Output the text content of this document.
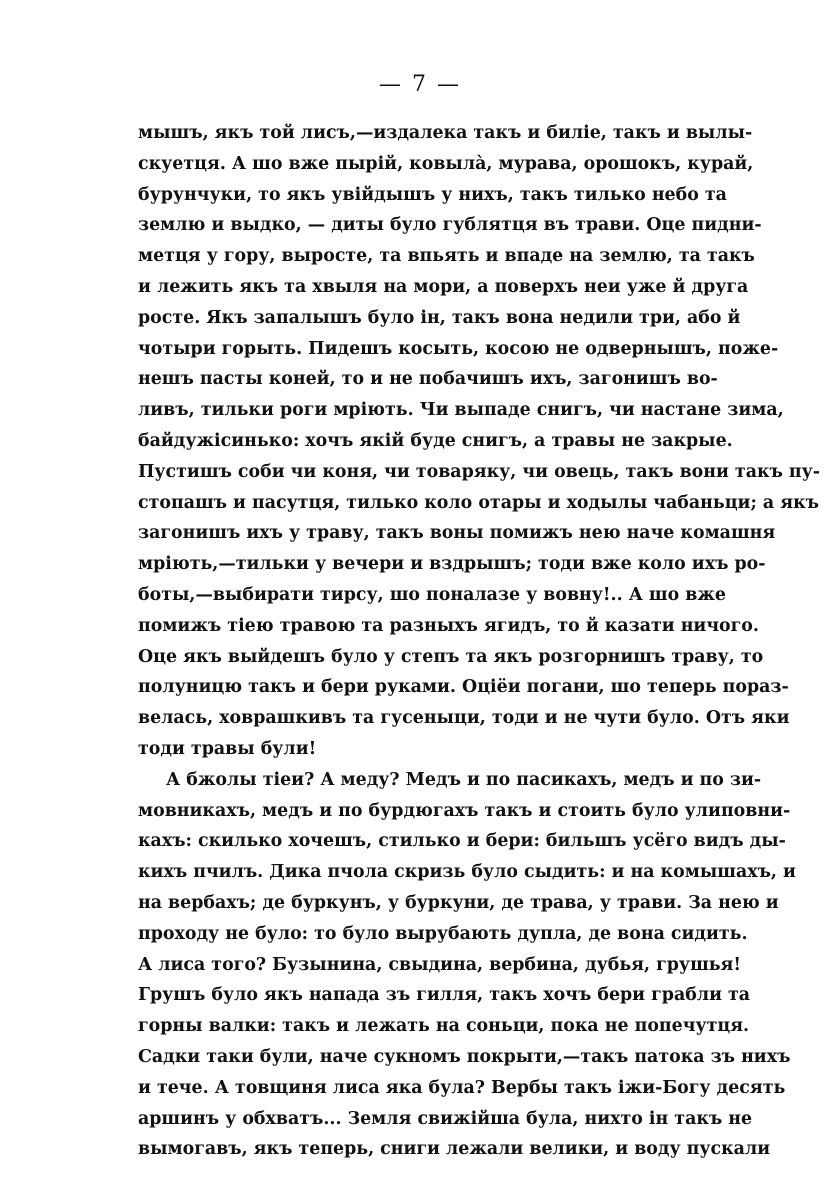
— 7 —
мышъ, якъ той лисъ,—издалека такъ и биліе, такъ и вылы-
скуетця. А шо вже пырій, ковыла̀, мурава, орошокъ, курай,
бурунчуки, то якъ увійдышъ у нихъ, такъ тилько небо та
землю и выдко, — диты було гублятця въ трави. Оце пидни-
метця у гору, выросте, та впьять и впаде на землю, та такъ
и лежить якъ та хвыля на мори, а поверхъ неи уже й друга
росте. Якъ запалышъ було ін, такъ вона недили три, або й
чотыри горыть. Пидешъ косыть, косою не одвернышъ, поже-
нешъ пасты коней, то и не побачишъ ихъ, загонишъ во-
ливъ, тильки роги мріють. Чи выпаде снигъ, чи настане зима,
байдужісинько: хочъ якій буде снигъ, а травы не закрые.
Пустишъ соби чи коня, чи товаряку, чи овець, такъ вони такъ пу-
стопашъ и пасутця, тилько коло отары и ходылы чабаньци; а якъ
загонишъ ихъ у траву, такъ воны помижъ нею наче комашня
мріють,—тильки у вечери и вздрышъ; тоди вже коло ихъ ро-
боты,—выбирати тирсу, шо поналазе у вовну!.. А шо вже
помижъ тіею травою та разныхъ ягидъ, то й казати ничого.
Оце якъ выйдешъ було у степъ та якъ розгорнишъ траву, то
полуницю такъ и бери руками. Оціёи погани, шо теперь пораз-
велась, ховрашкивъ та гусеныци, тоди и не чути було. Отъ яки
тоди травы були!
А бжолы тіеи? А меду? Медъ и по пасикахъ, медъ и по зи-
мовникахъ, медъ и по бурдюгахъ такъ и стоить було улиповни-
кахъ: скилько хочешъ, стилько и бери: бильшъ усёго видъ ды-
кихъ пчилъ. Дика пчола скризь було сыдить: и на комышахъ, и
на вербахъ; де буркунъ, у буркуни, де трава, у трави. За нею и
проходу не було: то було вырубають дупла, де вона сидить.
А лиса того? Бузынина, свыдина, вербина, дубья, грушья!
Грушъ було якъ напада зъ гилля, такъ хочъ бери грабли та
горны валки: такъ и лежать на соньци, пока не попечутця.
Садки таки були, наче сукномъ покрыти,—такъ патока зъ нихъ
и тече. А товщиня лиса яка була? Вербы такъ іжи-Богу десять
аршинъ у обхватъ... Земля свижійша була, нихто ін такъ не
вымогавъ, якъ теперь, сниги лежали велики, и воду пускали
